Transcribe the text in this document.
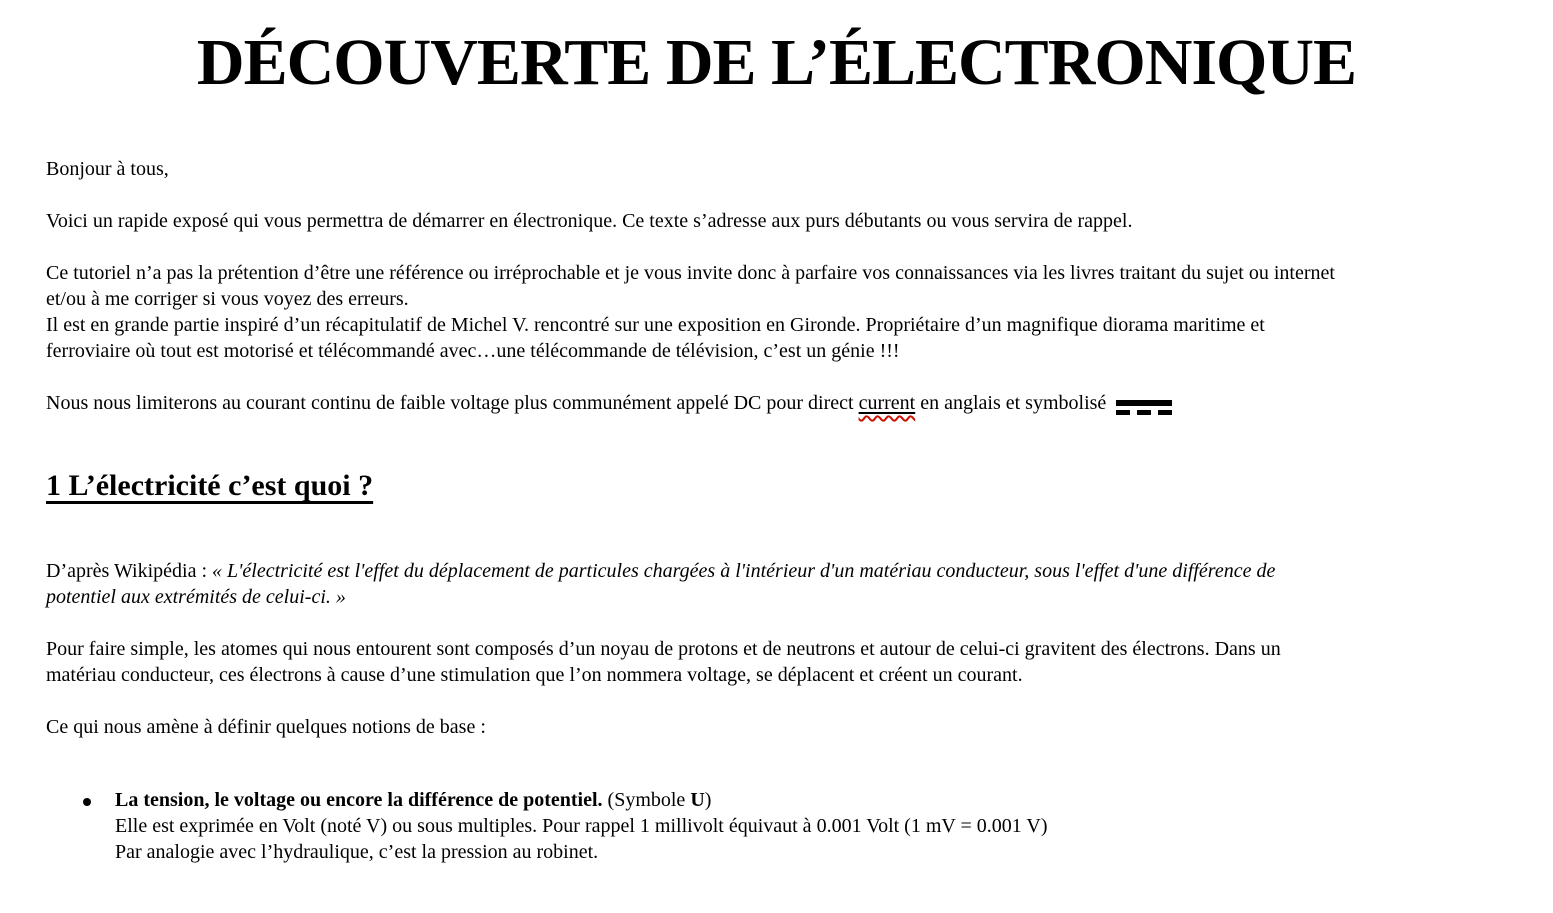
DÉCOUVERTE DE L’ÉLECTRONIQUE

Bonjour à tous,

Voici un rapide exposé qui vous permettra de démarrer en électronique. Ce texte s’adresse aux purs débutants ou vous servira de rappel.

Ce tutoriel n’a pas la prétention d’être une référence ou irréprochable et je vous invite donc à parfaire vos connaissances via les livres traitant du sujet ou internet
et/ou à me corriger si vous voyez des erreurs.
Il est en grande partie inspiré d’un récapitulatif de Michel V. rencontré sur une exposition en Gironde. Propriétaire d’un magnifique diorama maritime et
ferroviaire où tout est motorisé et télécommandé avec…une télécommande de télévision, c’est un génie !!!

Nous nous limiterons au courant continu de faible voltage plus communément appelé DC pour direct current en anglais et symbolisé

1 L’électricité c’est quoi ?

D’après Wikipédia : « L'électricité est l'effet du déplacement de particules chargées à l'intérieur d'un matériau conducteur, sous l'effet d'une différence de
potentiel aux extrémités de celui-ci. »

Pour faire simple, les atomes qui nous entourent sont composés d’un noyau de protons et de neutrons et autour de celui-ci gravitent des électrons. Dans un
matériau conducteur, ces électrons à cause d’une stimulation que l’on nommera voltage, se déplacent et créent un courant.

Ce qui nous amène à définir quelques notions de base :

La tension, le voltage ou encore la différence de potentiel. (Symbole U)
Elle est exprimée en Volt (noté V) ou sous multiples. Pour rappel 1 millivolt équivaut à 0.001 Volt (1 mV = 0.001 V)
Par analogie avec l’hydraulique, c’est la pression au robinet.
